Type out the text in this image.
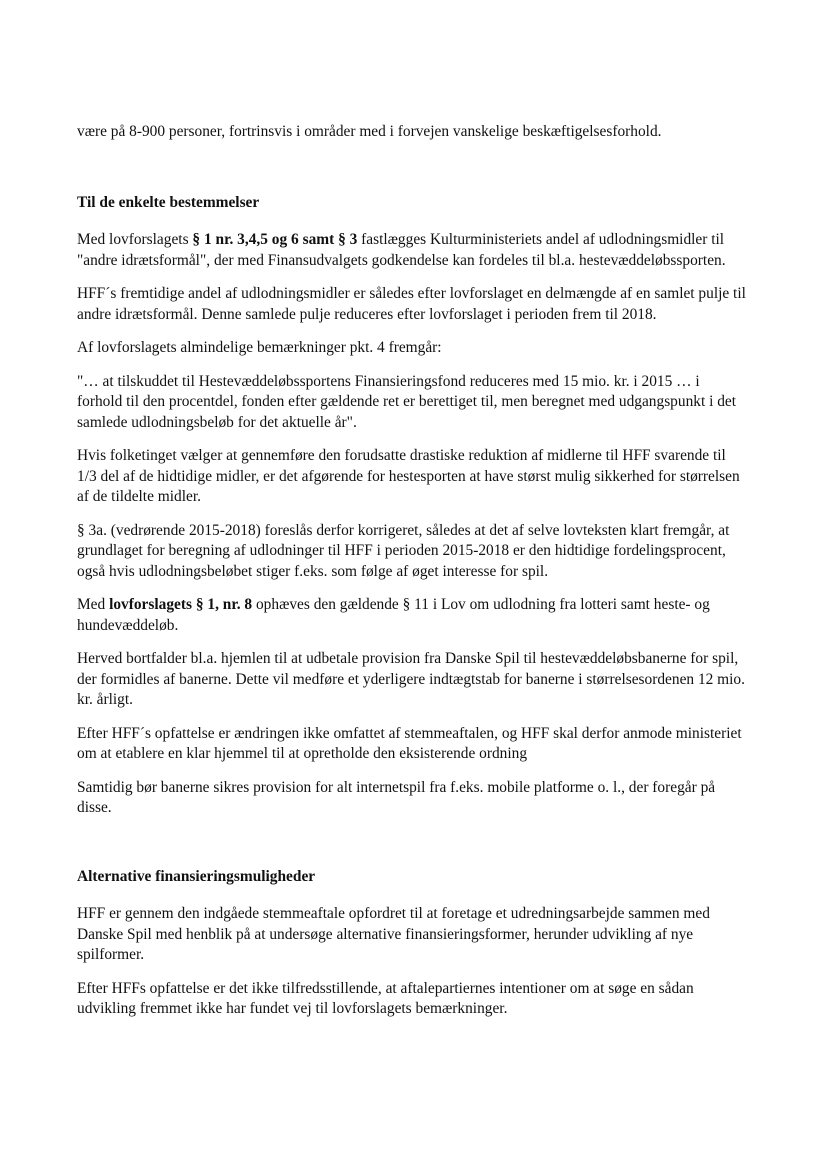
være på 8-900 personer, fortrinsvis i områder med i forvejen vanskelige beskæftigelsesforhold.

Til de enkelte bestemmelser

Med lovforslagets § 1 nr. 3,4,5 og 6 samt § 3 fastlægges Kulturministeriets andel af udlodningsmidler til "andre idrætsformål", der med Finansudvalgets godkendelse kan fordeles til bl.a. hestevæddeløbssporten.

HFF´s fremtidige andel af udlodningsmidler er således efter lovforslaget en delmængde af en samlet pulje til andre idrætsformål. Denne samlede pulje reduceres efter lovforslaget i perioden frem til 2018.

Af lovforslagets almindelige bemærkninger pkt. 4 fremgår:

"… at tilskuddet til Hestevæddeløbssportens Finansieringsfond reduceres med 15 mio. kr. i 2015 … i forhold til den procentdel, fonden efter gældende ret er berettiget til, men beregnet med udgangspunkt i det samlede udlodningsbeløb for det aktuelle år".

Hvis folketinget vælger at gennemføre den forudsatte drastiske reduktion af midlerne til HFF svarende til 1/3 del af de hidtidige midler, er det afgørende for hestesporten at have størst mulig sikkerhed for størrelsen af de tildelte midler.

§ 3a. (vedrørende 2015-2018) foreslås derfor korrigeret, således at det af selve lovteksten klart fremgår, at grundlaget for beregning af udlodninger til HFF i perioden 2015-2018 er den hidtidige fordelingsprocent, også hvis udlodningsbeløbet stiger f.eks. som følge af øget interesse for spil.

Med lovforslagets § 1, nr. 8 ophæves den gældende § 11 i Lov om udlodning fra lotteri samt heste- og hundevæddeløb.

Herved bortfalder bl.a. hjemlen til at udbetale provision fra Danske Spil til hestevæddeløbsbanerne for spil, der formidles af banerne. Dette vil medføre et yderligere indtægtstab for banerne i størrelsesordenen 12 mio. kr. årligt.

Efter HFF´s opfattelse er ændringen ikke omfattet af stemmeaftalen, og HFF skal derfor anmode ministeriet om at etablere en klar hjemmel til at opretholde den eksisterende ordning

Samtidig bør banerne sikres provision for alt internetspil fra f.eks. mobile platforme o. l., der foregår på disse.

Alternative finansieringsmuligheder

HFF er gennem den indgåede stemmeaftale opfordret til at foretage et udredningsarbejde sammen med Danske Spil med henblik på at undersøge alternative finansieringsformer, herunder udvikling af nye spilformer.

Efter HFFs opfattelse er det ikke tilfredsstillende, at aftalepartiernes intentioner om at søge en sådan udvikling fremmet ikke har fundet vej til lovforslagets bemærkninger.
